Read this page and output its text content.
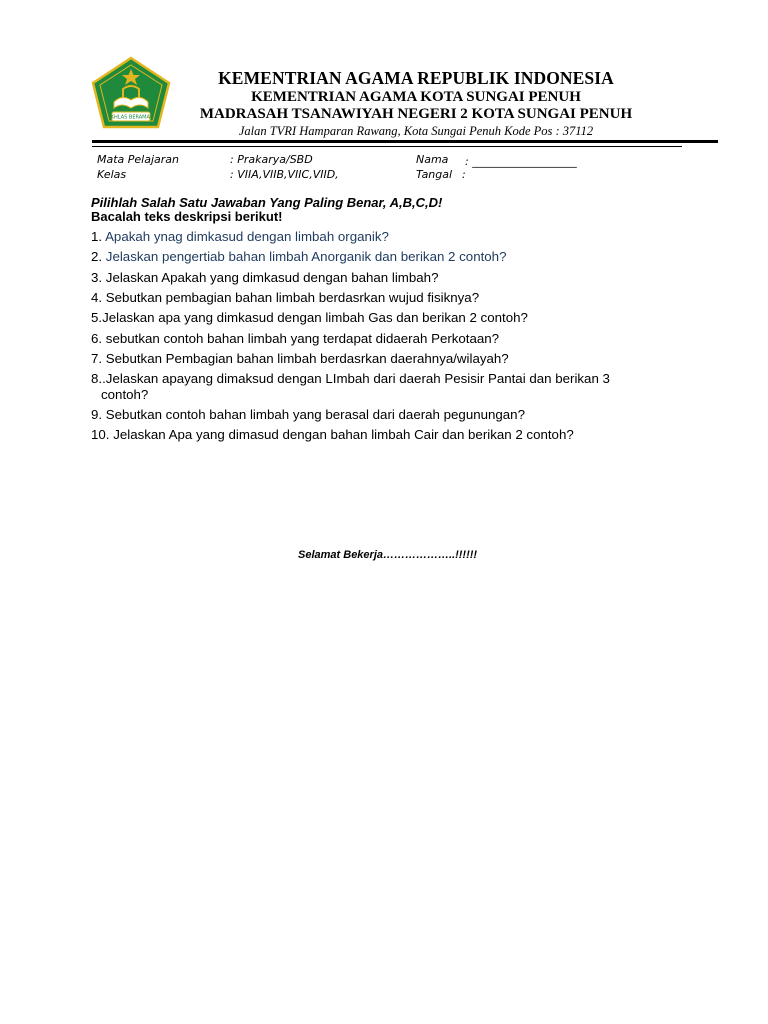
IKHLAS BERAMAL
KEMENTRIAN AGAMA REPUBLIK INDONESIA
KEMENTRIAN AGAMA KOTA SUNGAI PENUH
MADRASAH TSANAWIYAH NEGERI 2 KOTA SUNGAI PENUH
Jalan TVRI Hamparan Rawang, Kota Sungai Penuh Kode Pos : 37112
Mata Pelajaran	: Prakarya/SBD	Nama : ___________________
Kelas	: VIIA,VIIB,VIIC,VIID,	Tangal :
Pilihlah Salah Satu Jawaban Yang Paling Benar, A,B,C,D!
Bacalah teks deskripsi berikut!
1. Apakah ynag dimkasud dengan limbah organik?
2. Jelaskan pengertiab bahan limbah Anorganik dan berikan 2 contoh?
3. Jelaskan Apakah yang dimkasud dengan bahan limbah?
4. Sebutkan pembagian bahan limbah berdasrkan wujud fisiknya?
5.Jelaskan apa yang dimkasud dengan limbah Gas dan berikan 2 contoh?
6. sebutkan contoh bahan limbah yang terdapat didaerah Perkotaan?
7. Sebutkan Pembagian bahan limbah berdasrkan daerahnya/wilayah?
8..Jelaskan apayang dimaksud dengan LImbah dari daerah Pesisir Pantai dan berikan 3
contoh?
9. Sebutkan contoh bahan limbah yang berasal dari daerah pegunungan?
10. Jelaskan Apa yang dimasud dengan bahan limbah Cair dan berikan 2 contoh?
Selamat Bekerja………………..!!!!!!
